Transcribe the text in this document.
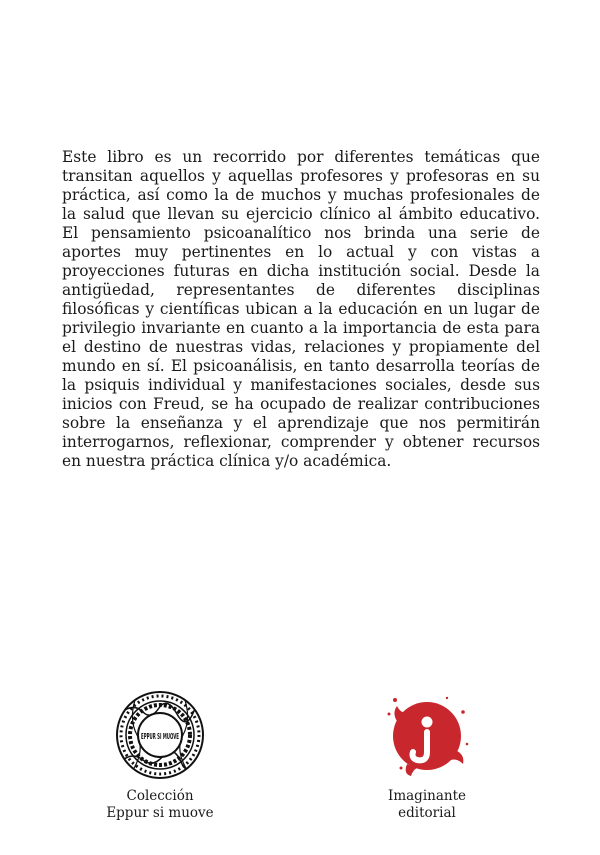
Este libro es un recorrido por diferentes temáticas que transitan aquellos y aquellas profesores y profesoras en su práctica, así como la de muchos y muchas profesionales de la salud que llevan su ejercicio clínico al ámbito educativo. El pensamiento psicoanalítico nos brinda una serie de aportes muy pertinentes en lo actual y con vistas a proyecciones futuras en dicha institución social. Desde la antigüedad, representantes de diferentes disciplinas filosóficas y científicas ubican a la educación en un lugar de privilegio invariante en cuanto a la importancia de esta para el destino de nuestras vidas, relaciones y propiamente del mundo en sí. El psicoanálisis, en tanto desarrolla teorías de la psiquis individual y manifestaciones sociales, desde sus inicios con Freud, se ha ocupado de realizar contribuciones sobre la enseñanza y el aprendizaje que nos permitirán interrogarnos, reflexionar, comprender y obtener recursos en nuestra práctica clínica y/o académica.

EPPUR SI MUOVE
Colección
Eppur si muove
Imaginante
editorial
